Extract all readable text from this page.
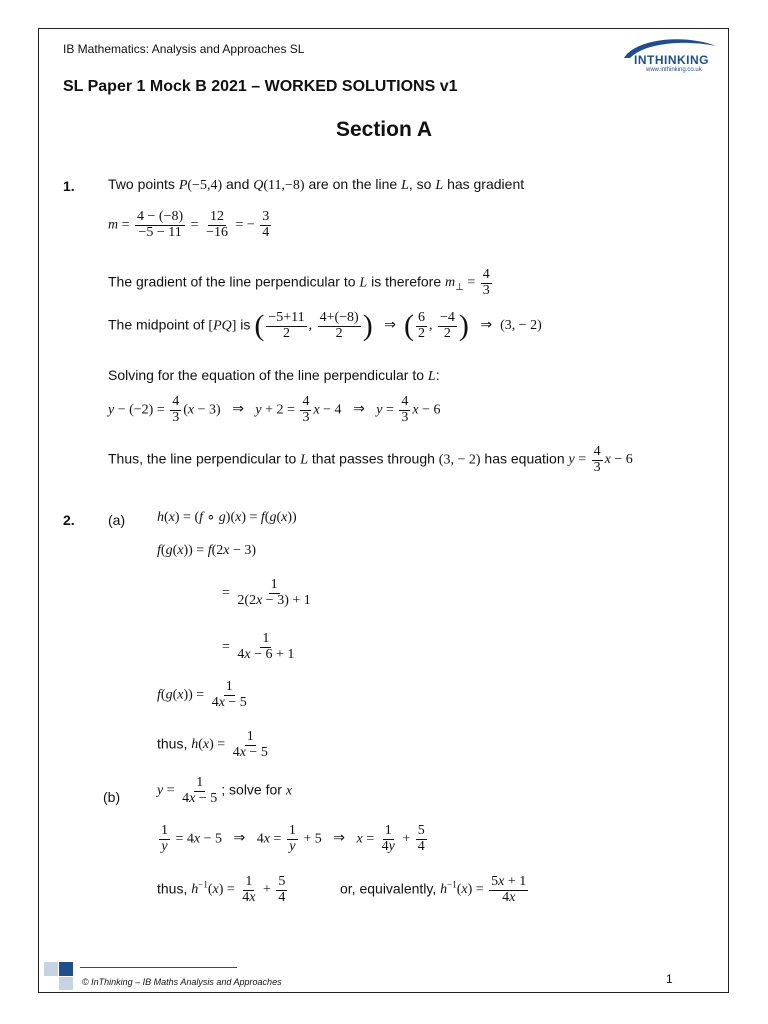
IB Mathematics: Analysis and Approaches SL
SL Paper 1 Mock B 2021 – WORKED SOLUTIONS v1
INTHINKING
www.inthinking.co.uk
Section A
1. Two points P(−5,4) and Q(11,−8) are on the line L, so L has gradient
$m = \frac{4 - (-8)}{-5 - 11} = \frac{12}{-16}$ = − $\frac{3}{4}$
The gradient of the line perpendicular to L is therefore $m_\perp = \frac{4}{3}$
The midpoint of [PQ] is ( $\frac{-5+11}{2}$ , $\frac{4+(-8)}{2}$ ) ⇒ ( $\frac{6}{2}$ , $\frac{-4}{2}$ ) ⇒ (3, − 2)
Solving for the equation of the line perpendicular to L:
$y - (-2) = \frac{4}{3} (x - 3)$ ⇒ $y + 2 = \frac{4}{3}$ x − 4 ⇒ $y = \frac{4}{3}$ x − 6
Thus, the line perpendicular to L that passes through (3, − 2) has equation $y = \frac{4}{3}$ x − 6
2. (a) h(x) = (f ∘ g)(x) = f(g(x))
f(g(x)) = f(2x − 3)
= $\frac{1}{2(2x - 3) + 1}$
= $\frac{1}{4x - 6 + 1}$
$f(g(x)) = \frac{1}{4x - 5}$
thus, $h(x) = \frac{1}{4x - 5}$
(b)	$y = \frac{1}{4x - 5}$ ; solve for x
$\frac{1}{y} = 4x - 5$ ⇒ $4x = \frac{1}{y} + 5$ ⇒ $x = \frac{1}{4y} + \frac{5}{4}$
thus, $h^{-1}(x) = \frac{1}{4x} + \frac{5}{4}$	or, equivalently, $h^{-1}(x) = \frac{5x + 1}{4x}$
© InThinking – IB Maths Analysis and Approaches	1
